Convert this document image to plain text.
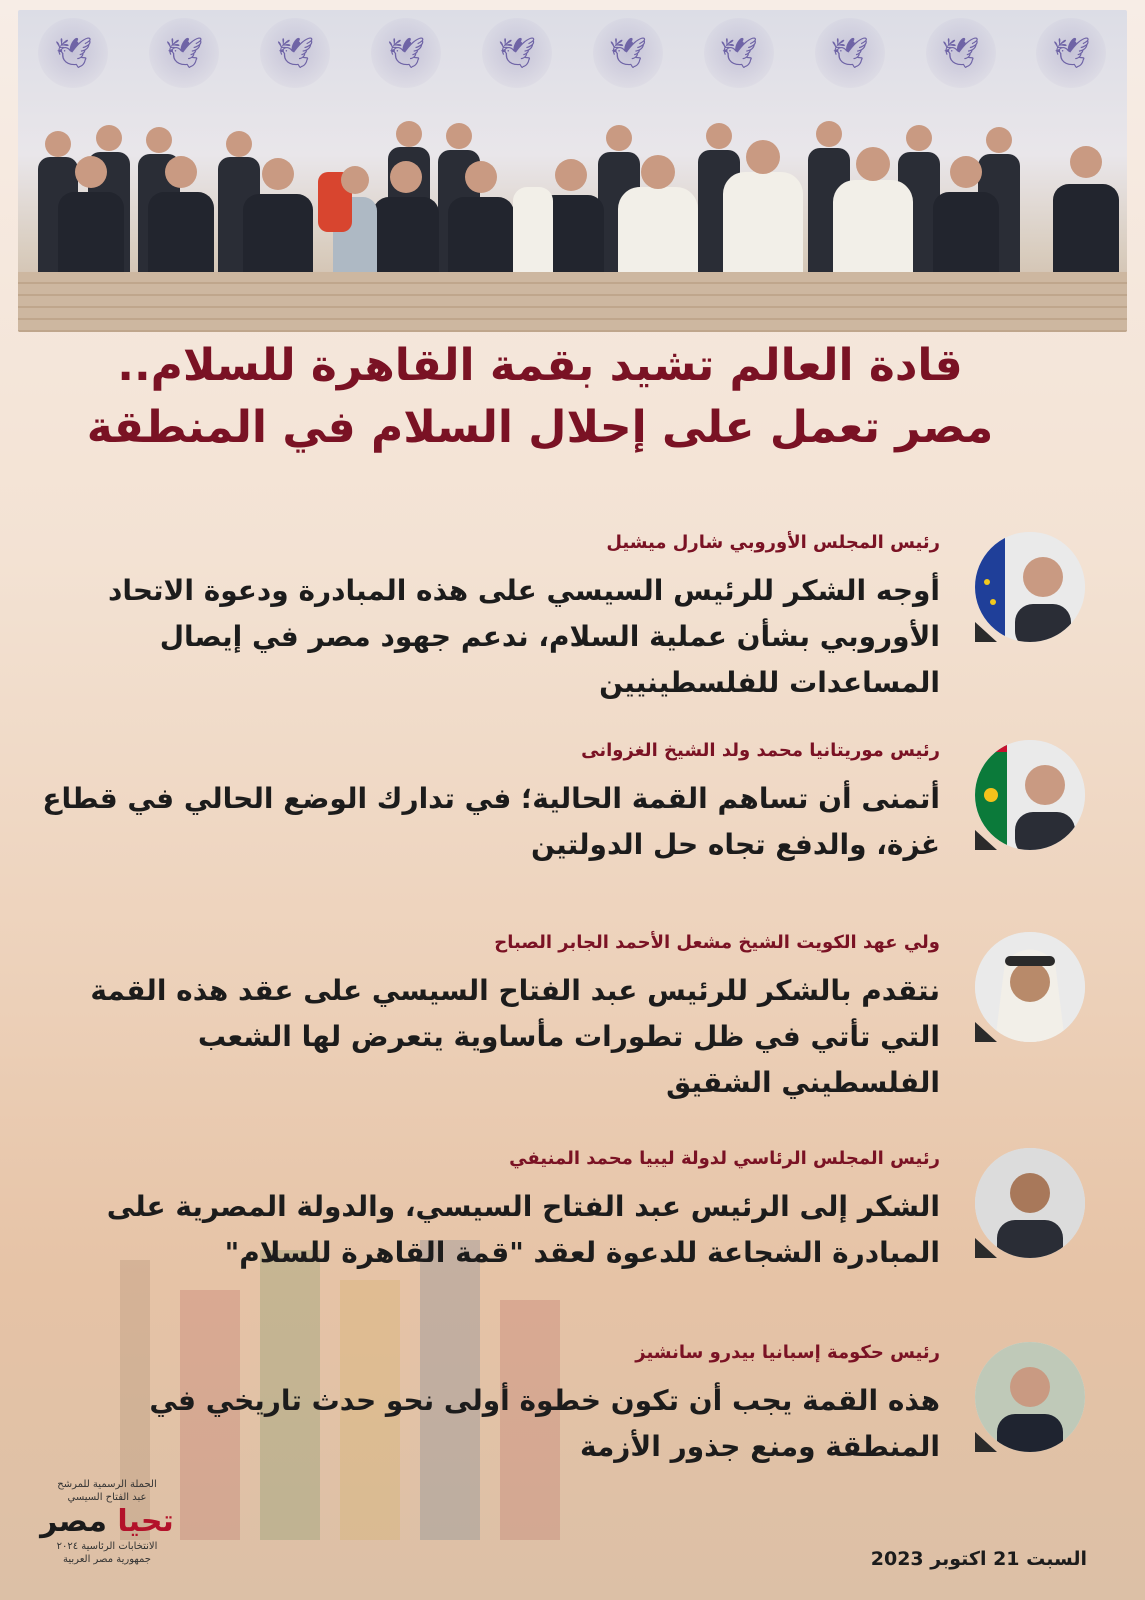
🕊	🕊	🕊	🕊	🕊	🕊	🕊	🕊	🕊	🕊
قادة العالم تشيد بقمة القاهرة للسلام..
مصر تعمل على إحلال السلام في المنطقة
رئيس المجلس الأوروبي شارل ميشيل
أوجه الشكر للرئيس السيسي على هذه المبادرة ودعوة الاتحاد الأوروبي بشأن عملية السلام، ندعم جهود مصر في إيصال المساعدات للفلسطينيين
رئيس موريتانيا محمد ولد الشيخ الغزوانى
أتمنى أن تساهم القمة الحالية؛ في تدارك الوضع الحالي في قطاع غزة، والدفع تجاه حل الدولتين
ولي عهد الكويت الشيخ مشعل الأحمد الجابر الصباح
نتقدم بالشكر للرئيس عبد الفتاح السيسي على عقد هذه القمة التي تأتي في ظل تطورات مأساوية يتعرض لها الشعب الفلسطيني الشقيق
رئيس المجلس الرئاسي لدولة ليبيا محمد المنيفي
الشكر إلى الرئيس عبد الفتاح السيسي، والدولة المصرية على المبادرة الشجاعة للدعوة لعقد "قمة القاهرة للسلام"
رئيس حكومة إسبانيا بيدرو سانشيز
هذه القمة يجب أن تكون خطوة أولى نحو حدث تاريخي في المنطقة ومنع جذور الأزمة
الحملة الرسمية للمرشح
عبد الفتاح السيسي
تحيا مصر
الانتخابات الرئاسية ٢٠٢٤
جمهورية مصر العربية	السبت 21 اكتوبر 2023
